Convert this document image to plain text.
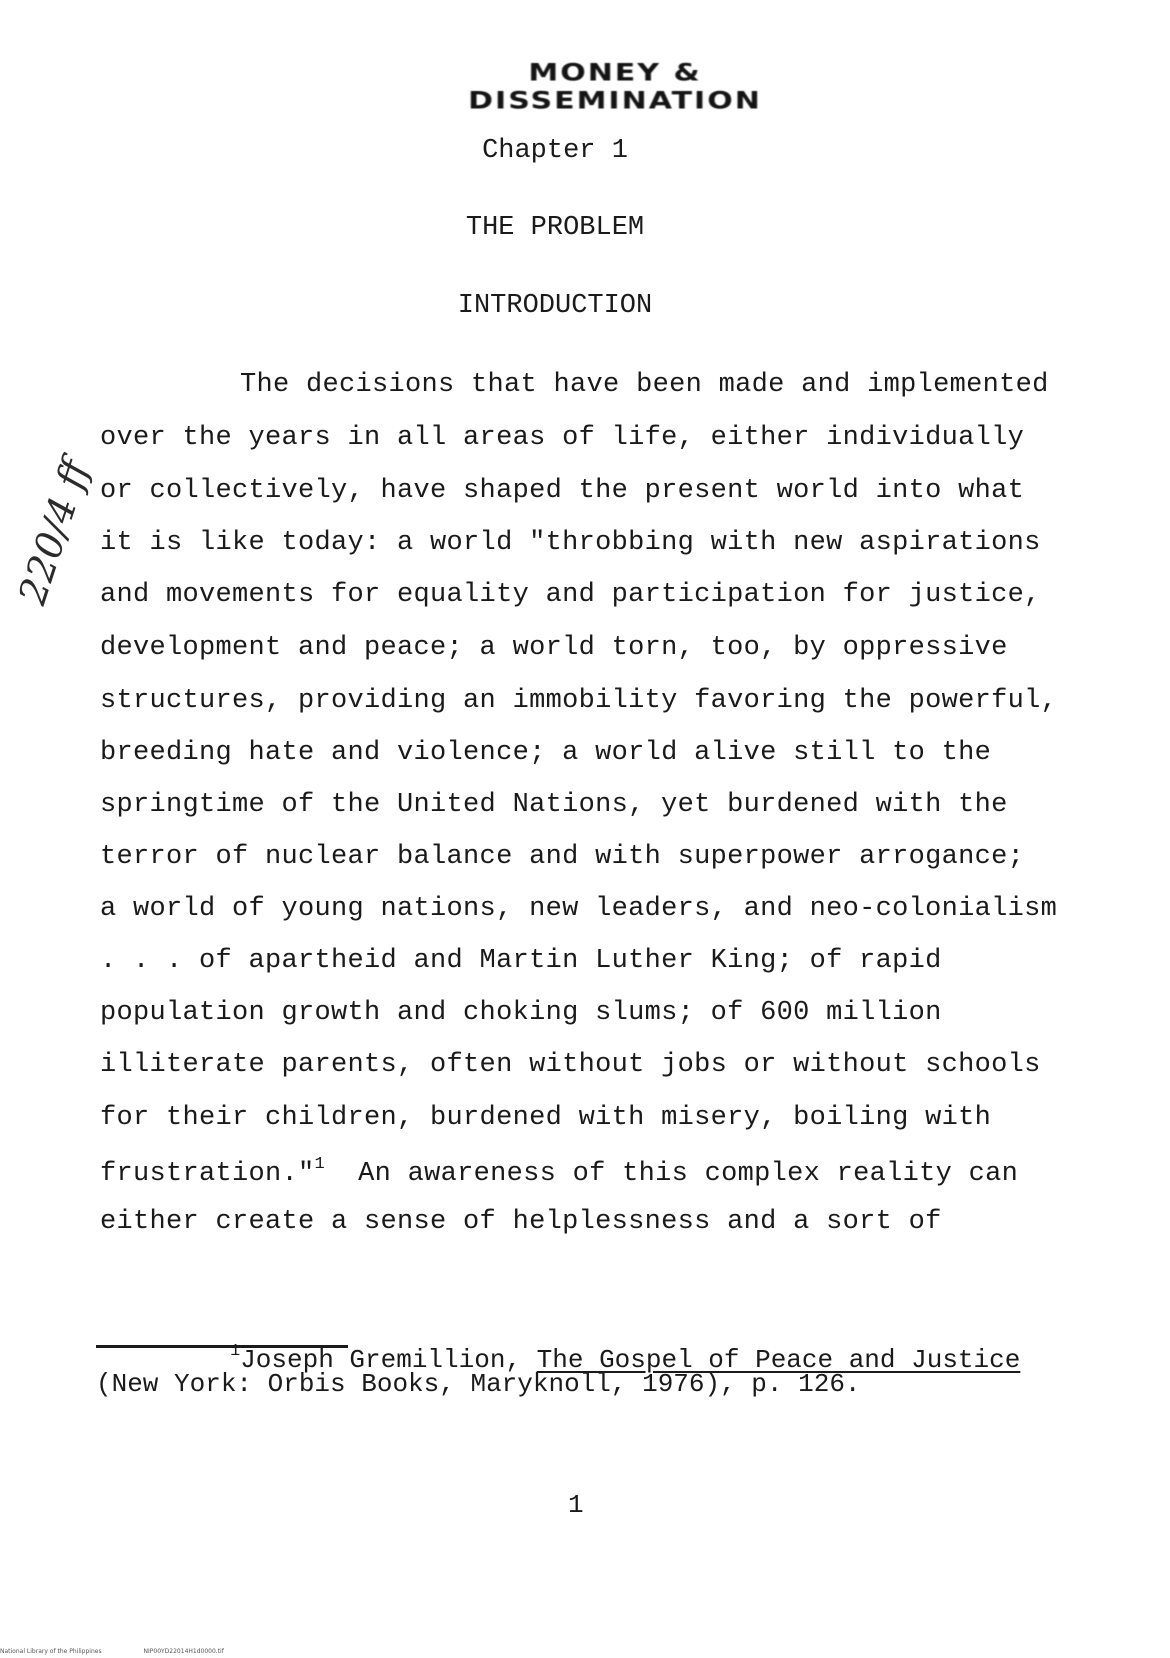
MONEY & DISSEMINATION
Chapter 1
THE PROBLEM
INTRODUCTION
220/4 ff
The decisions that have been made and implemented
over the years in all areas of life, either individually
or collectively, have shaped the present world into what
it is like today: a world "throbbing with new aspirations
and movements for equality and participation for justice,
development and peace; a world torn, too, by oppressive
structures, providing an immobility favoring the powerful,
breeding hate and violence; a world alive still to the
springtime of the United Nations, yet burdened with the
terror of nuclear balance and with superpower arrogance;
a world of young nations, new leaders, and neo-colonialism
. . . of apartheid and Martin Luther King; of rapid
population growth and choking slums; of 600 million
illiterate parents, often without jobs or without schools
for their children, burdened with misery, boiling with
frustration."$^1$  An awareness of this complex reality can
either create a sense of helplessness and a sort of
$^1$Joseph Gremillion, The Gospel of Peace and Justice
(New York: Orbis Books, Maryknoll, 1976), p. 126.
1
National Library of the Philippines	NIP00YD22014H1d0000.tif
